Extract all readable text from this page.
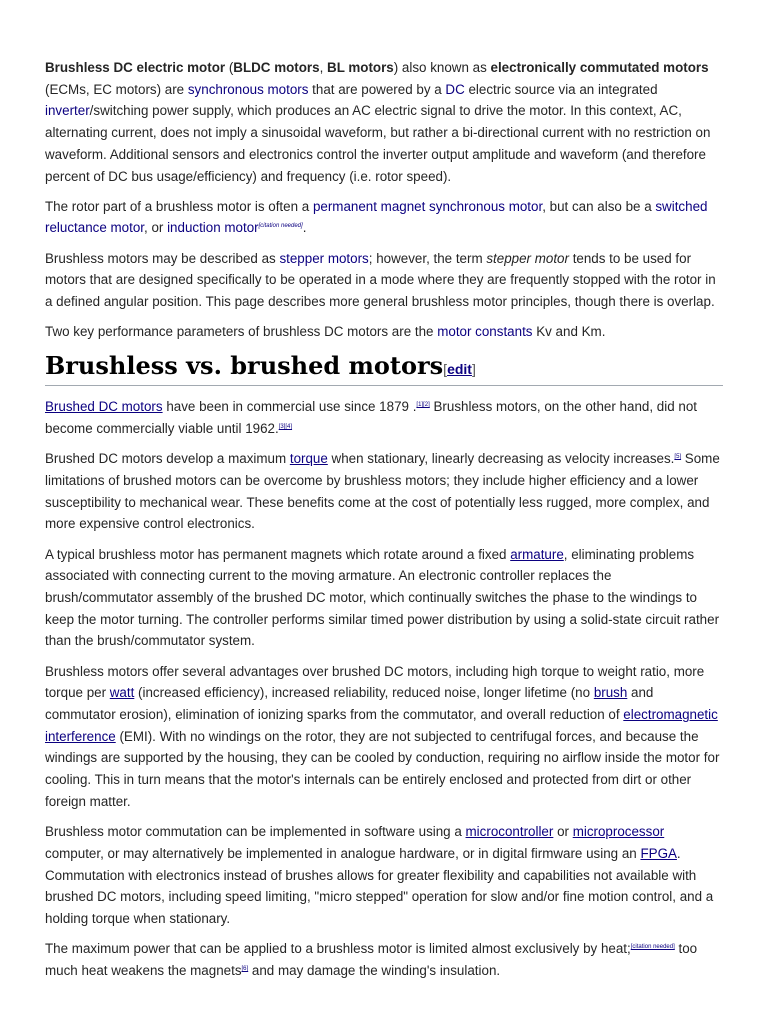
Brushless DC electric motor (BLDC motors, BL motors) also known as electronically commutated motors (ECMs, EC motors) are synchronous motors that are powered by a DC electric source via an integrated inverter/switching power supply, which produces an AC electric signal to drive the motor. In this context, AC, alternating current, does not imply a sinusoidal waveform, but rather a bi-directional current with no restriction on waveform. Additional sensors and electronics control the inverter output amplitude and waveform (and therefore percent of DC bus usage/efficiency) and frequency (i.e. rotor speed).

The rotor part of a brushless motor is often a permanent magnet synchronous motor, but can also be a switched reluctance motor, or induction motor[citation needed].

Brushless motors may be described as stepper motors; however, the term stepper motor tends to be used for motors that are designed specifically to be operated in a mode where they are frequently stopped with the rotor in a defined angular position. This page describes more general brushless motor principles, though there is overlap.

Two key performance parameters of brushless DC motors are the motor constants Kv and Km.

Brushless vs. brushed motors[edit]

Brushed DC motors have been in commercial use since 1879 .[1][2] Brushless motors, on the other hand, did not become commercially viable until 1962.[3][4]

Brushed DC motors develop a maximum torque when stationary, linearly decreasing as velocity increases.[5] Some limitations of brushed motors can be overcome by brushless motors; they include higher efficiency and a lower susceptibility to mechanical wear. These benefits come at the cost of potentially less rugged, more complex, and more expensive control electronics.

A typical brushless motor has permanent magnets which rotate around a fixed armature, eliminating problems associated with connecting current to the moving armature. An electronic controller replaces the brush/commutator assembly of the brushed DC motor, which continually switches the phase to the windings to keep the motor turning. The controller performs similar timed power distribution by using a solid-state circuit rather than the brush/commutator system.

Brushless motors offer several advantages over brushed DC motors, including high torque to weight ratio, more torque per watt (increased efficiency), increased reliability, reduced noise, longer lifetime (no brush and commutator erosion), elimination of ionizing sparks from the commutator, and overall reduction of electromagnetic interference (EMI). With no windings on the rotor, they are not subjected to centrifugal forces, and because the windings are supported by the housing, they can be cooled by conduction, requiring no airflow inside the motor for cooling. This in turn means that the motor's internals can be entirely enclosed and protected from dirt or other foreign matter.

Brushless motor commutation can be implemented in software using a microcontroller or microprocessor computer, or may alternatively be implemented in analogue hardware, or in digital firmware using an FPGA. Commutation with electronics instead of brushes allows for greater flexibility and capabilities not available with brushed DC motors, including speed limiting, "micro stepped" operation for slow and/or fine motion control, and a holding torque when stationary.

The maximum power that can be applied to a brushless motor is limited almost exclusively by heat;[citation needed] too much heat weakens the magnets[6] and may damage the winding's insulation.
